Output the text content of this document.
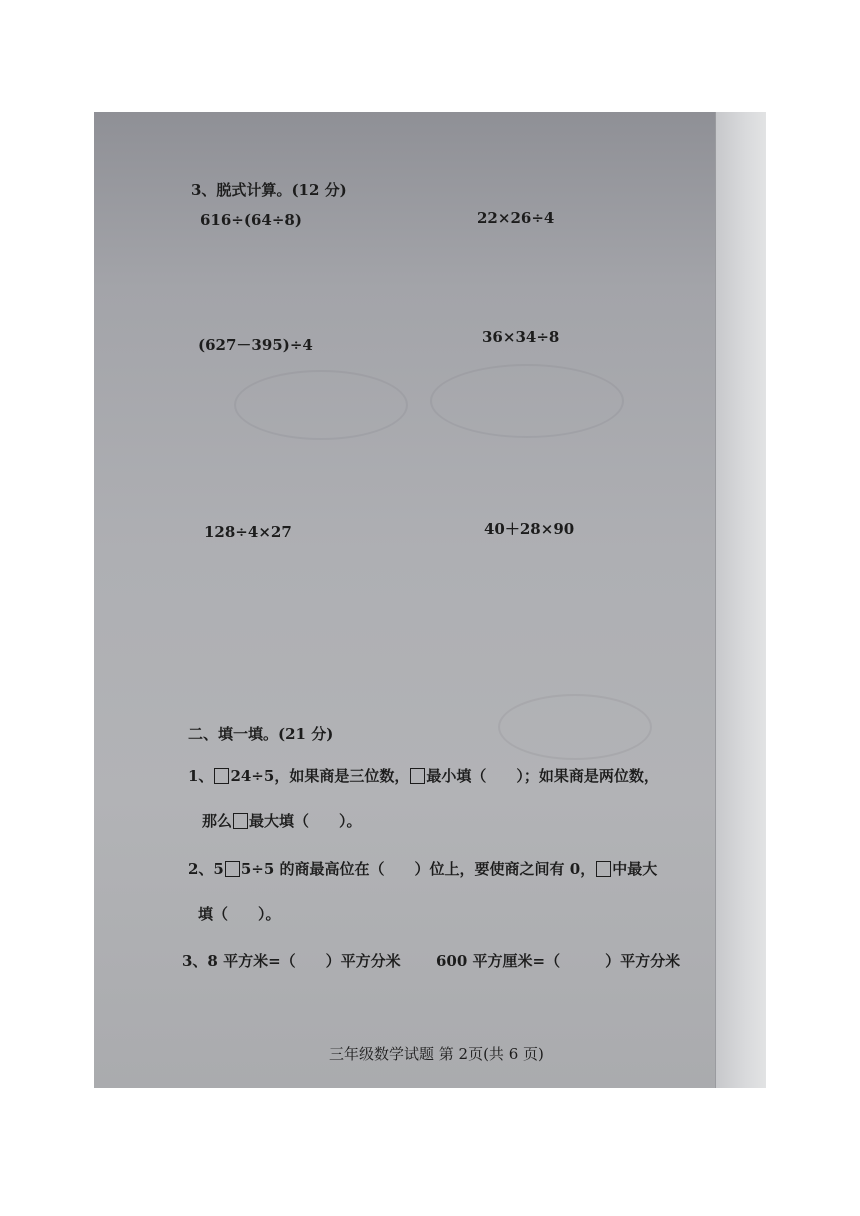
3、脱式计算。(12 分)
616÷(64÷8)	22×26÷4
(627－395)÷4	36×34÷8
128÷4×27	40＋28×90
二、填一填。(21 分)
1、 24÷5，如果商是三位数， 最小填（　　）；如果商是两位数，
那么 最大填（　　）。
2、5 5÷5 的商最高位在（　　）位上，要使商之间有 0， 中最大
填（　　）。
3、8 平方米=（　　）平方分米 600 平方厘米=（　　　）平方分米
三年级数学试题 第 2页(共 6 页)
